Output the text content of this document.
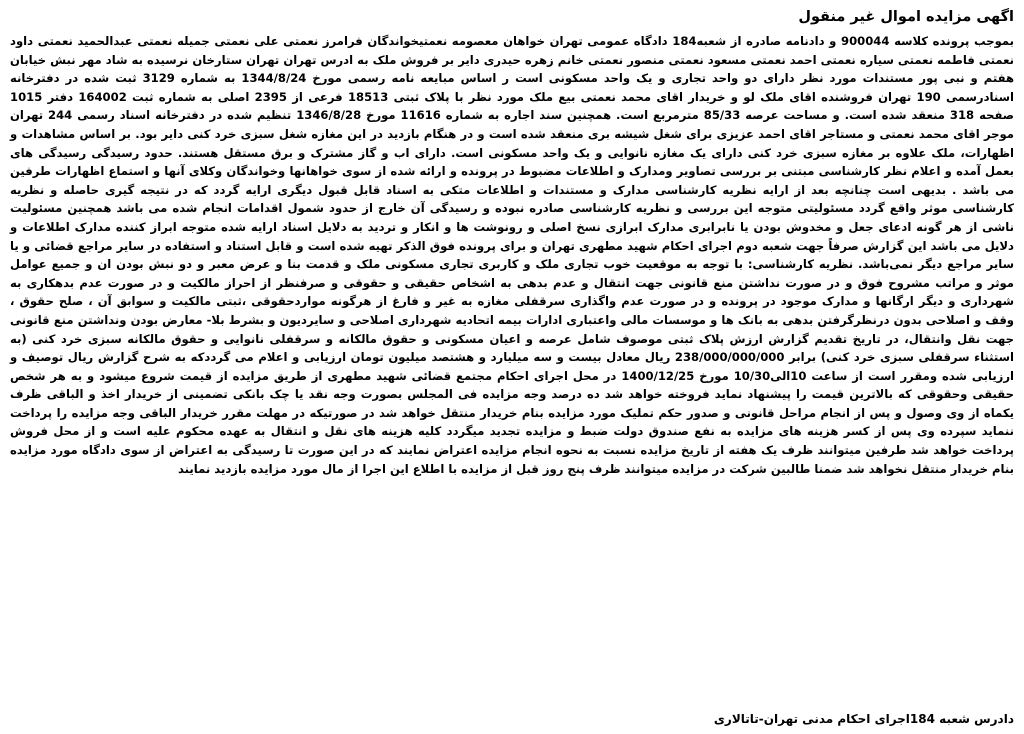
اگهی مزایده اموال غیر منقول

بموجب پرونده کلاسه 900044 و دادنامه صادره از شعبه184 دادگاه عمومی تهران خواهان معصومه نعمتیخواندگان فرامرز نعمتی علی نعمتی جمیله نعمتی عبدالحمید نعمتی داود نعمتی فاطمه نعمتی سیاره نعمتی احمد نعمتی مسعود نعمتی منصور نعمتی خانم زهره حیدری دایر بر فروش ملک به ادرس تهران تهران ستارخان نرسیده به شاد مهر نبش خیابان هفتم و نبی پور مستندات مورد نظر دارای دو واحد تجاری و یک واحد مسکونی است ر اساس مبایعه نامه رسمی مورخ 1344/8/24 به شماره 3129 ثبت شده در دفترخانه اسنادرسمی 190 تهران فروشنده اقای ملک لو و خریدار اقای محمد نعمتی بیع ملک مورد نظر با پلاک ثبتی 18513 فرعی از 2395 اصلی به شماره ثبت 164002 دفتر 1015 صفحه 318 منعقد شده است. و مساحت عرصه 85/33 مترمربع است. همچنین سند اجاره به شماره 11616 مورخ 1346/8/28 تنظیم شده در دفترخانه اسناد رسمی 244 تهران موجر اقای محمد نعمتی و مستاجر اقای احمد عزیزی برای شغل شیشه بری منعقد شده است و در هنگام بازدید در این مغازه شغل سبزی خرد کنی دایر بود. بر اساس مشاهدات و اظهارات، ملک علاوه بر مغازه سبزی خرد کنی دارای یک مغازه نانوایی و یک واحد مسکونی است. دارای اب و گاز مشترک و برق مستقل هستند. حدود رسیدگی رسیدگی های بعمل آمده و اعلام نظر کارشناسی مبتنی بر بررسی تصاویر ومدارک و اطلاعات مضبوط در پرونده و ارائه شده از سوی خواهانها وخواندگان وکلای آنها و استماع اظهارات طرفین می باشد . بدیهی است چنانچه بعد از ارایه نظریه کارشناسی مدارک و مستندات و اطلاعات متکی به اسناد قابل قبول دیگری ارایه گردد که در نتیجه گیری حاصله و نظریه کارشناسی موثر واقع گردد مسئولیتی متوجه این بررسی و نظریه کارشناسی صادره نبوده و رسیدگی آن خارج از حدود شمول اقدامات انجام شده می باشد همچنین مسئولیت ناشی از هر گونه ادعای جعل و مخدوش بودن یا نابرابری مدارک ابرازی نسخ اصلی و رونوشت ها و انکار و تردید به دلایل اسناد ارایه شده متوجه ابراز کننده مدارک اطلاعات و دلایل می باشد این گزارش صرفاً جهت شعبه دوم اجرای احکام شهید مطهری تهران و برای پرونده فوق الذکر تهیه شده است و قابل استناد و استفاده در سایر مراجع قضائی و یا سایر مراجع دیگر نمی‌باشد. نظریه کارشناسی: با توجه به موقعیت خوب تجاری ملک و کاربری تجاری مسکونی ملک و قدمت بنا و عرض معبر و دو نبش بودن ان و جمیع عوامل موثر و مراتب مشروح فوق و در صورت نداشتن منع قانونی جهت انتقال و عدم بدهی به اشخاص حقیقی و حقوقی و صرفنظر از احراز مالکیت و در صورت عدم بدهکاری به شهرداری و دیگر ارگانها و مدارک موجود در پرونده و در صورت عدم واگذاری سرقفلی مغازه به غیر و فارغ از هرگونه مواردحقوقی ،ثبتی مالکیت و سوابق آن ، صلح حقوق ، وقف و اصلاحی بدون درنظرگرفتن بدهی به بانک ها و موسسات مالی واعتباری ادارات بیمه اتحادیه شهرداری اصلاحی و سایردیون و بشرط بلا- معارض بودن ونداشتن منع قانونی جهت نقل وانتقال، در تاریخ تقدیم گزارش ارزش پلاک ثبتی موصوف شامل عرصه و اعیان مسکونی و حقوق مالکانه و سرقفلی نانوایی و حقوق مالکانه سبزی خرد کنی (به استثناء سرقفلی سبزی خرد کنی) برابر 238/000/000/000 ریال معادل بیست و سه میلیارد و هشتصد میلیون تومان ارزیابی و اعلام می گرددکه به شرح گزارش ریال توصیف و ارزیابی شده ومقرر است از ساعت 10الی10/30 مورخ 1400/12/25 در محل اجرای احکام مجتمع قضائی شهید مطهری از طریق مزایده از قیمت شروع میشود و به هر شخص حقیقی وحقوقی که بالاترین قیمت را پیشنهاد نماید فروخته خواهد شد ده درصد وجه مزایده فی المجلس بصورت وجه نقد یا چک بانکی تضمینی از خریدار اخذ و الباقی ظرف یکماه از وی وصول و پس از انجام مراحل قانونی و صدور حکم تملیک مورد مزایده بنام خریدار منتقل خواهد شد در صورتیکه در مهلت مقرر خریدار الباقی وجه مزایده را پرداخت ننماید سپرده وی پس از کسر هزینه های مزایده به نفع صندوق دولت ضبط و مزایده تجدید میگردد کلیه هزینه های نقل و انتقال به عهده محکوم علیه است و از محل فروش پرداخت خواهد شد طرفین میتوانند ظرف یک هفته از تاریخ مزایده نسبت به نحوه انجام مزایده اعتراض نمایند که در این صورت تا رسیدگی به اعتراض از سوی دادگاه مورد مزایده بنام خریدار منتقل نخواهد شد ضمنا طالبین شرکت در مزایده میتوانند ظرف پنج روز قبل از مزایده با اطلاع این اجرا از مال مورد مزایده بازدید نمایند

دادرس شعبه 184اجرای احکام مدنی تهران-تاتالاری
